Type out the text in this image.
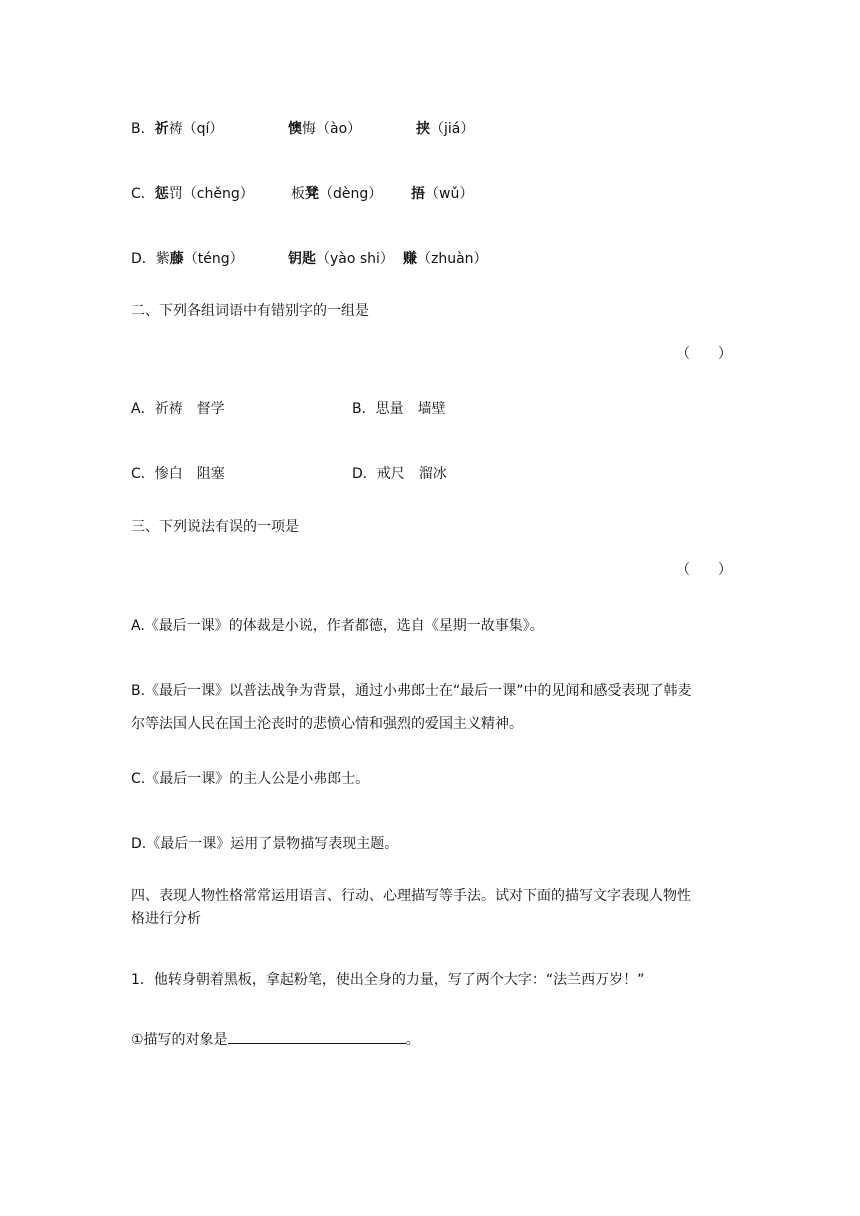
B．祈祷（qí）	懊悔（ào）	挟（jiá）
C．惩罚（chěng）	板凳（dèng） 捂（wǔ）
D．紫藤（téng）	钥匙（yào shi） 赚（zhuàn）
二、下列各组词语中有错别字的一组是
（　　）
A．祈祷　督学	B．思量　墙壁
C．惨白　阻塞	D．戒尺　溜冰
三、下列说法有误的一项是
（　　）
A.《最后一课》的体裁是小说，作者都德，选自《星期一故事集》。
B.《最后一课》以普法战争为背景，通过小弗郎士在“最后一课”中的见闻和感受表现了韩麦
尔等法国人民在国土沦丧时的悲愤心情和强烈的爱国主义精神。
C.《最后一课》的主人公是小弗郎士。
D.《最后一课》运用了景物描写表现主题。
四、表现人物性格常常运用语言、行动、心理描写等手法。试对下面的描写文字表现人物性
格进行分析
1．他转身朝着黑板，拿起粉笔，使出全身的力量，写了两个大字：“法兰西万岁！”
①描写的对象是	。
